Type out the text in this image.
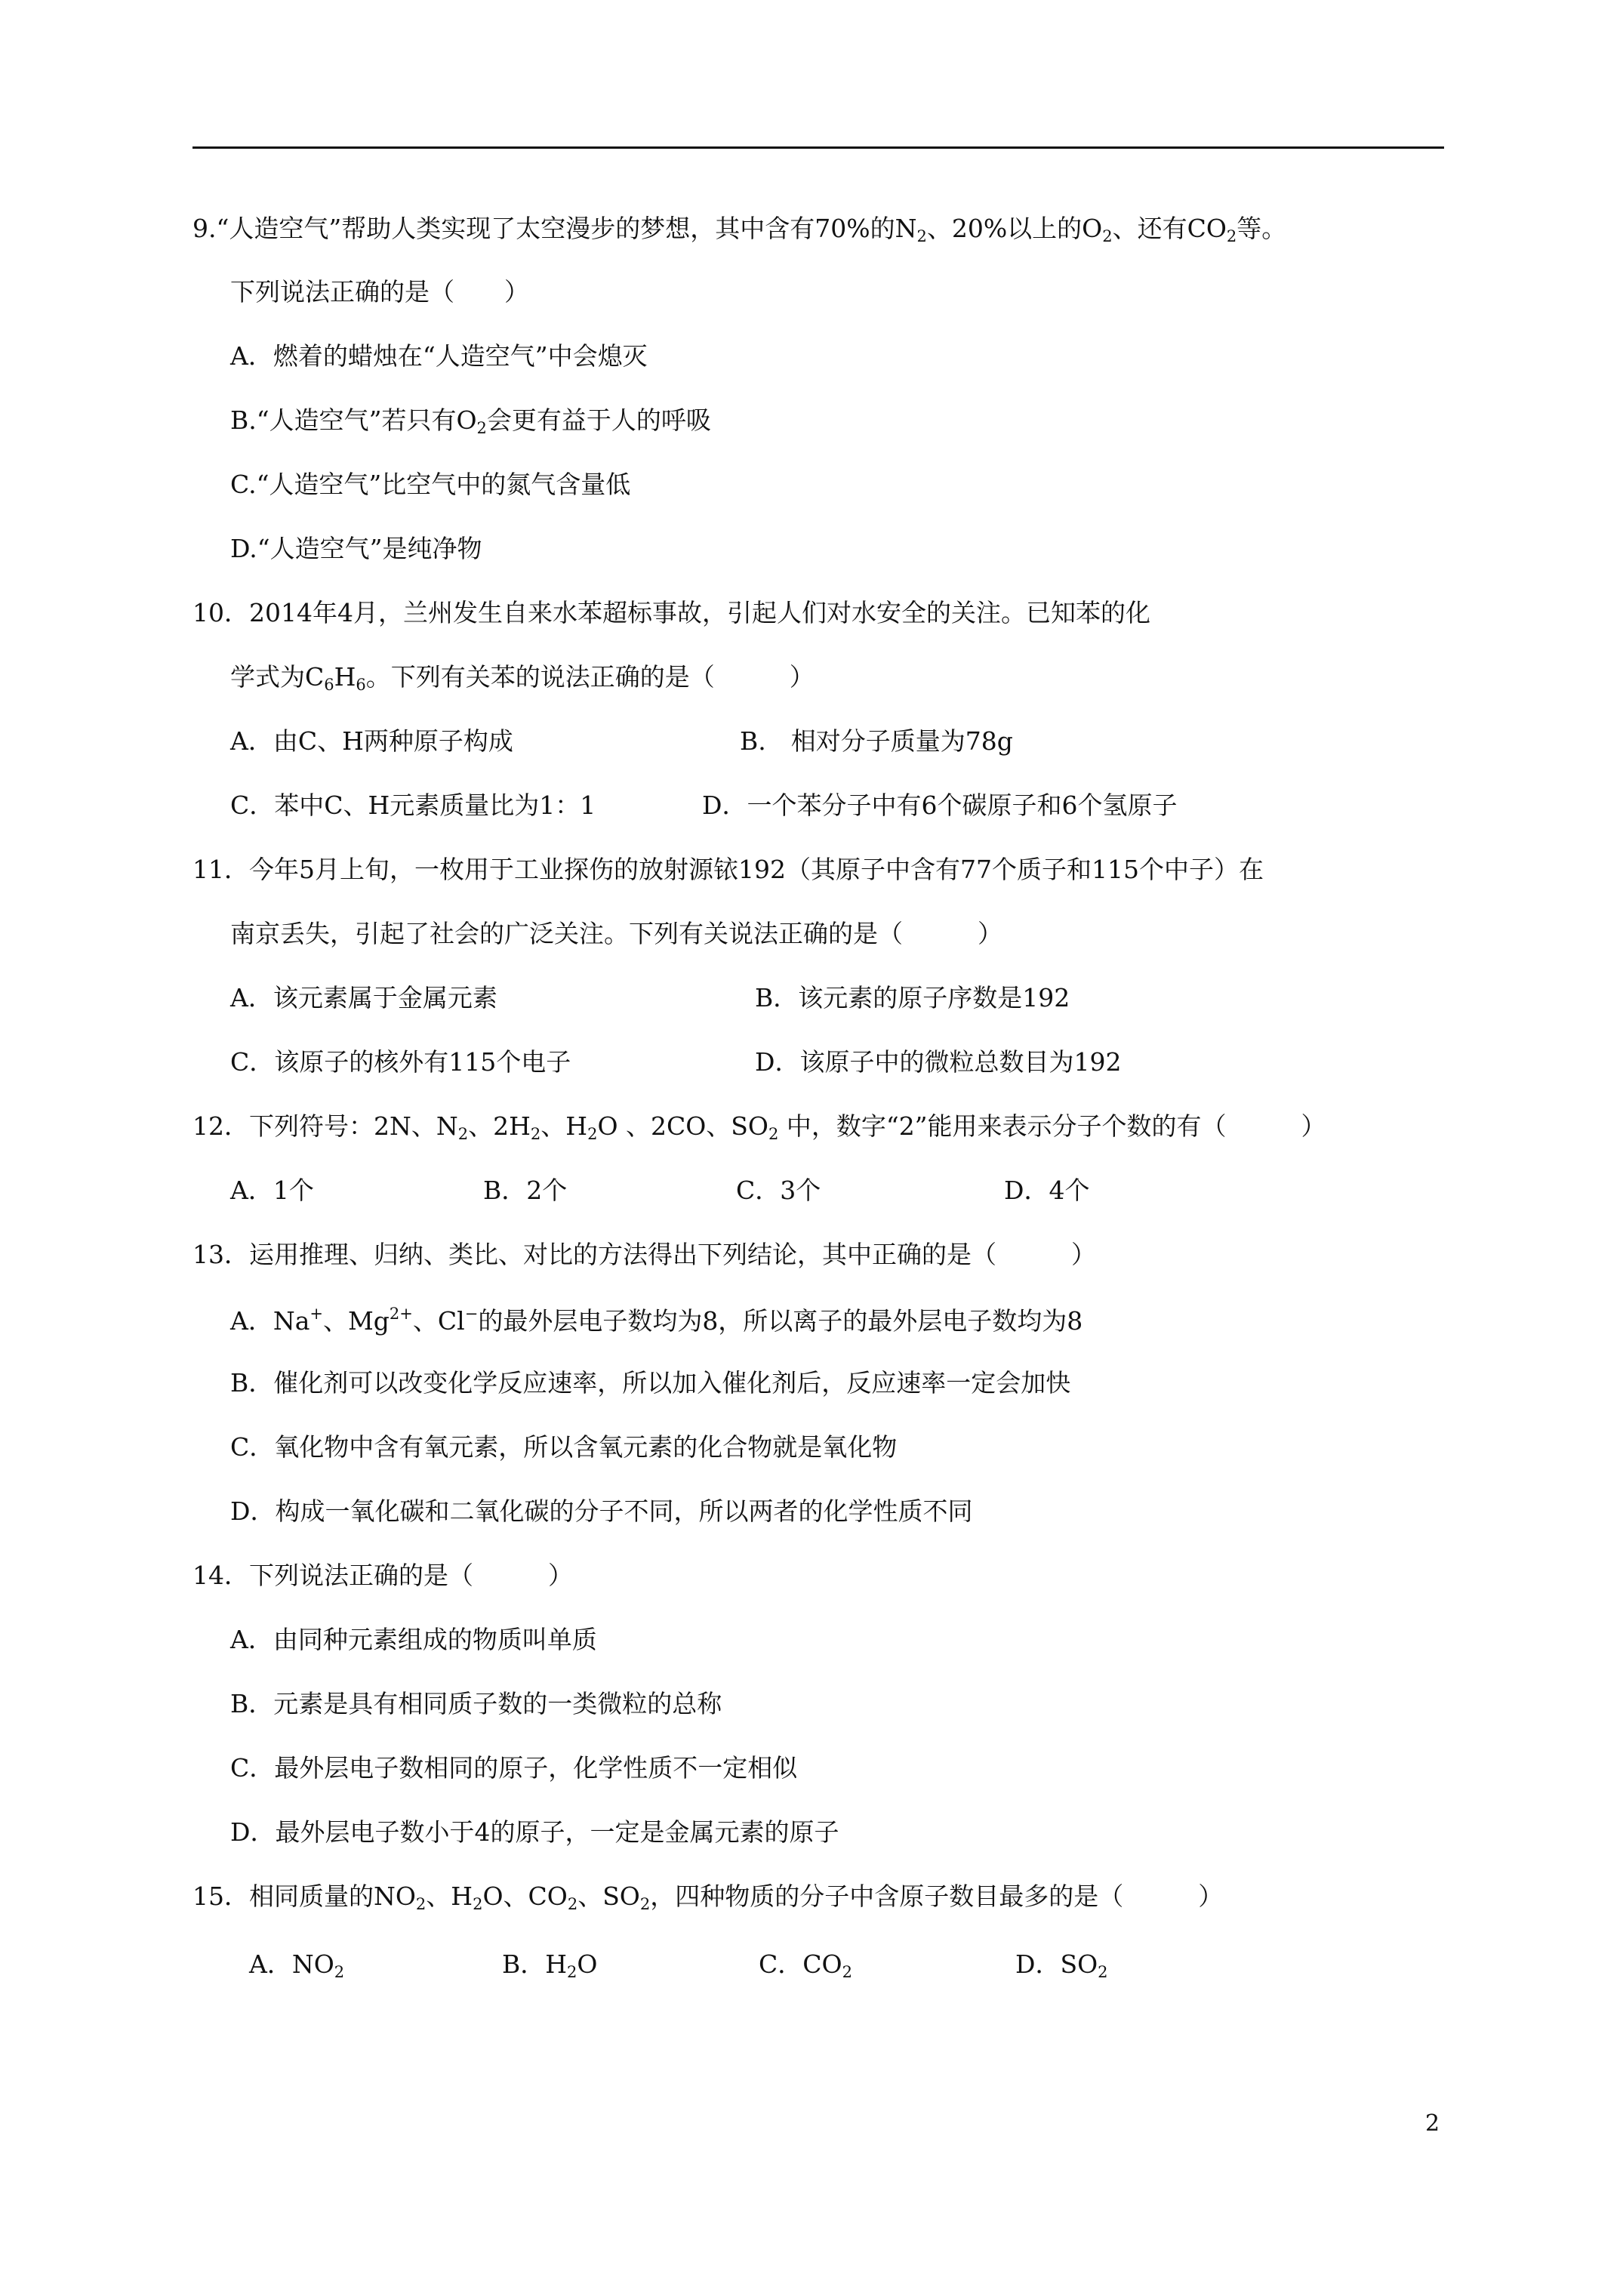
9.“人造空气”帮助人类实现了太空漫步的梦想，其中含有70%的$N_2$、20%以上的$O_2$、还有$CO_2$等。
下列说法正确的是（　　）
A．燃着的蜡烛在“人造空气”中会熄灭
B.“人造空气”若只有$O_2$会更有益于人的呼吸
C.“人造空气”比空气中的氮气含量低
D.“人造空气”是纯净物
10．2014年4月，兰州发生自来水苯超标事故，引起人们对水安全的关注。已知苯的化
学式为$C_6H_6$。下列有关苯的说法正确的是（　　　）
A．由C、H两种原子构成	B.　相对分子质量为78g
C．苯中C、H元素质量比为1：1	D．一个苯分子中有6个碳原子和6个氢原子
11．今年5月上旬，一枚用于工业探伤的放射源铱192（其原子中含有77个质子和115个中子）在
南京丢失，引起了社会的广泛关注。下列有关说法正确的是（　　　）
A．该元素属于金属元素	B．该元素的原子序数是192
C．该原子的核外有115个电子	D．该原子中的微粒总数目为192
12．下列符号：2N、$N_2$、$2H_2$、$H_2O$ 、2CO、$SO_2$ 中，数字“2”能用来表示分子个数的有（　　　）
A．1个	B．2个	C．3个	D．4个
13．运用推理、归纳、类比、对比的方法得出下列结论，其中正确的是（　　　）
A．Na+、$Mg^{2+}$、Cl−的最外层电子数均为8，所以离子的最外层电子数均为8
B．催化剂可以改变化学反应速率，所以加入催化剂后，反应速率一定会加快
C．氧化物中含有氧元素，所以含氧元素的化合物就是氧化物
D．构成一氧化碳和二氧化碳的分子不同，所以两者的化学性质不同
14．下列说法正确的是（　　　）
A．由同种元素组成的物质叫单质
B．元素是具有相同质子数的一类微粒的总称
C．最外层电子数相同的原子，化学性质不一定相似
D．最外层电子数小于4的原子，一定是金属元素的原子
15．相同质量的$NO_2$、$H_2O$、$CO_2$、$SO_2$，四种物质的分子中含原子数目最多的是（　　　）
A．$NO_2$	B．$H_2O$	C．$CO_2$	D．$SO_2$
2
